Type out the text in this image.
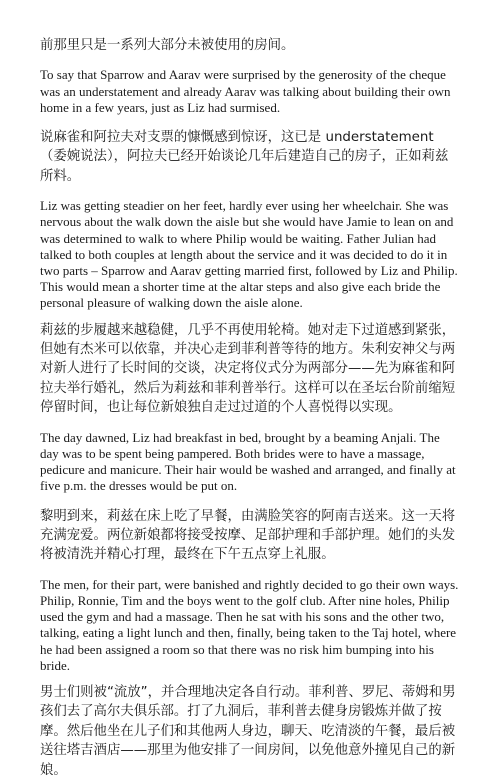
前那里只是一系列大部分未被使用的房间。

To say that Sparrow and Aarav were surprised by the generosity of the cheque was an understatement and already Aarav was talking about building their own home in a few years, just as Liz had surmised.

说麻雀和阿拉夫对支票的慷慨感到惊讶，这已是 understatement（委婉说法），阿拉夫已经开始谈论几年后建造自己的房子，正如莉兹所料。

Liz was getting steadier on her feet, hardly ever using her wheelchair. She was nervous about the walk down the aisle but she would have Jamie to lean on and was determined to walk to where Philip would be waiting. Father Julian had talked to both couples at length about the service and it was decided to do it in two parts – Sparrow and Aarav getting married first, followed by Liz and Philip. This would mean a shorter time at the altar steps and also give each bride the personal pleasure of walking down the aisle alone.

莉兹的步履越来越稳健，几乎不再使用轮椅。她对走下过道感到紧张，但她有杰米可以依靠，并决心走到菲利普等待的地方。朱利安神父与两对新人进行了长时间的交谈，决定将仪式分为两部分——先为麻雀和阿拉夫举行婚礼，然后为莉兹和菲利普举行。这样可以在圣坛台阶前缩短停留时间，也让每位新娘独自走过过道的个人喜悦得以实现。

The day dawned, Liz had breakfast in bed, brought by a beaming Anjali. The day was to be spent being pampered. Both brides were to have a massage, pedicure and manicure. Their hair would be washed and arranged, and finally at five p.m. the dresses would be put on.

黎明到来，莉兹在床上吃了早餐，由满脸笑容的阿南吉送来。这一天将充满宠爱。两位新娘都将接受按摩、足部护理和手部护理。她们的头发将被清洗并精心打理，最终在下午五点穿上礼服。

The men, for their part, were banished and rightly decided to go their own ways. Philip, Ronnie, Tim and the boys went to the golf club. After nine holes, Philip used the gym and had a massage. Then he sat with his sons and the other two, talking, eating a light lunch and then, finally, being taken to the Taj hotel, where he had been assigned a room so that there was no risk him bumping into his bride.

男士们则被“流放”，并合理地决定各自行动。菲利普、罗尼、蒂姆和男孩们去了高尔夫俱乐部。打了九洞后，菲利普去健身房锻炼并做了按摩。然后他坐在儿子们和其他两人身边，聊天、吃清淡的午餐，最后被送往塔吉酒店——那里为他安排了一间房间，以免他意外撞见自己的新娘。
